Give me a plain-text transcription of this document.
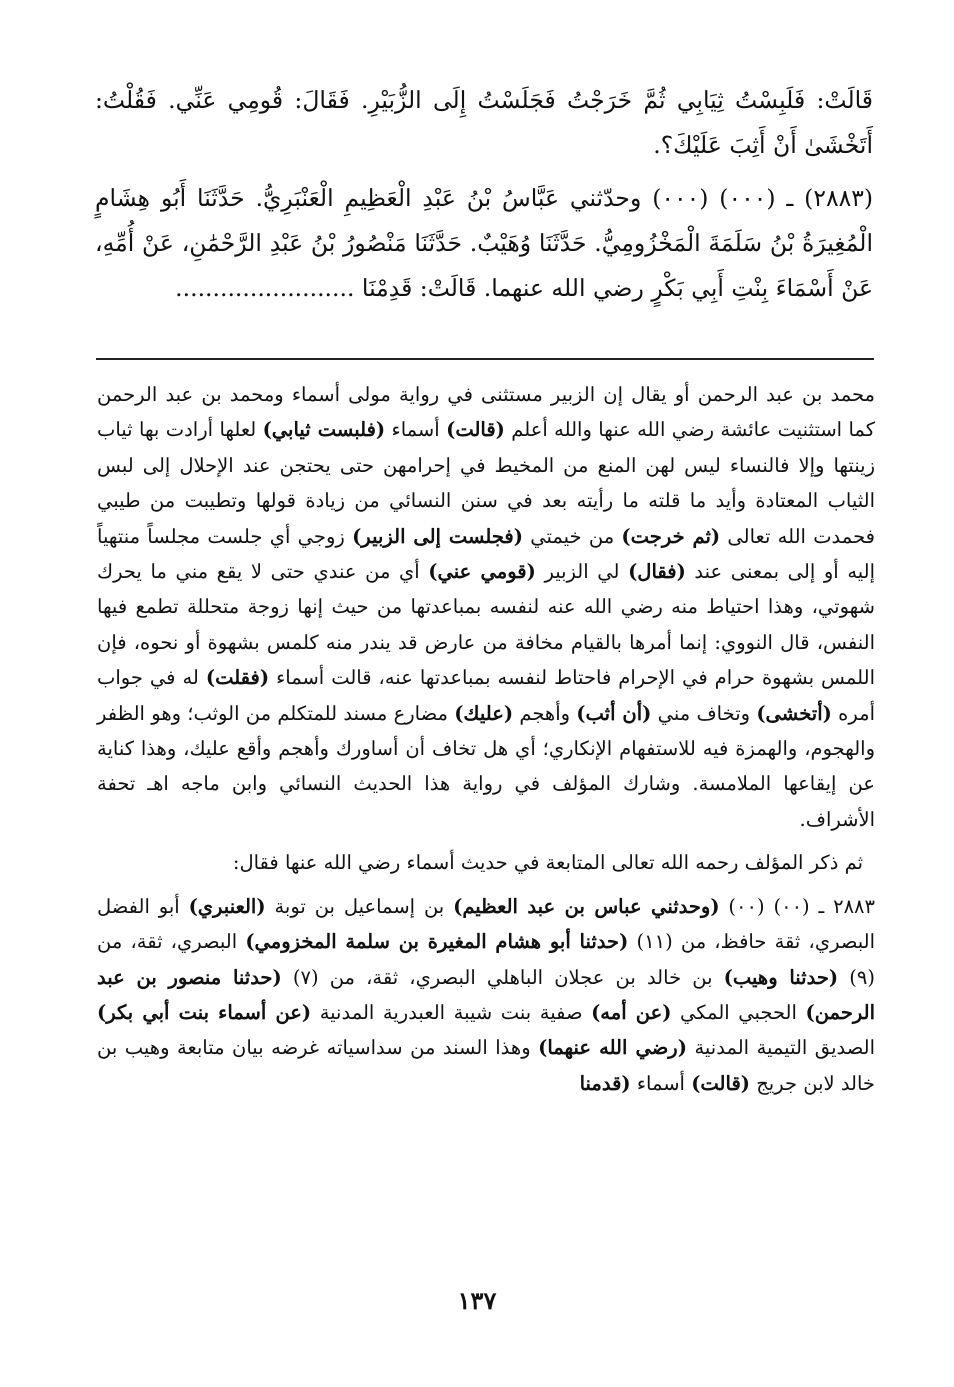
قَالَتْ: فَلَبِسْتُ ثِيَابِي ثُمَّ خَرَجْتُ فَجَلَسْتُ إِلَى الزُّبَيْرِ. فَقَالَ: قُومِي عَنِّي. فَقُلْتُ: أَتَخْشَىٰ أَنْ أَثِبَ عَلَيْكَ؟.

(٢٨٨٣) ـ (٠٠٠) (٠٠٠) وحدّثني عَبَّاسُ بْنُ عَبْدِ الْعَظِيمِ الْعَنْبَرِيُّ. حَدَّثَنَا أَبُو هِشَامٍ الْمُغِيرَةُ بْنُ سَلَمَةَ الْمَخْزُومِيُّ. حَدَّثَنَا وُهَيْبٌ. حَدَّثَنَا مَنْصُورُ بْنُ عَبْدِ الرَّحْمَٰنِ، عَنْ أُمِّهِ، عَنْ أَسْمَاءَ بِنْتِ أَبِي بَكْرٍ رضي الله عنهما. قَالَتْ: قَدِمْنَا ........................

محمد بن عبد الرحمن أو يقال إن الزبير مستثنى في رواية مولى أسماء ومحمد بن عبد الرحمن كما استثنيت عائشة رضي الله عنها والله أعلم (قالت) أسماء (فلبست ثيابي) لعلها أرادت بها ثياب زينتها وإلا فالنساء ليس لهن المنع من المخيط في إحرامهن حتى يحتجن عند الإحلال إلى لبس الثياب المعتادة وأيد ما قلته ما رأيته بعد في سنن النسائي من زيادة قولها وتطيبت من طيبي فحمدت الله تعالى (ثم خرجت) من خيمتي (فجلست إلى الزبير) زوجي أي جلست مجلساً منتهياً إليه أو إلى بمعنى عند (فقال) لي الزبير (قومي عني) أي من عندي حتى لا يقع مني ما يحرك شهوتي، وهذا احتياط منه رضي الله عنه لنفسه بمباعدتها من حيث إنها زوجة متحللة تطمع فيها النفس، قال النووي: إنما أمرها بالقيام مخافة من عارض قد يندر منه كلمس بشهوة أو نحوه، فإن اللمس بشهوة حرام في الإحرام فاحتاط لنفسه بمباعدتها عنه، قالت أسماء (فقلت) له في جواب أمره (أتخشى) وتخاف مني (أن أثب) وأهجم (عليك) مضارع مسند للمتكلم من الوثب؛ وهو الظفر والهجوم، والهمزة فيه للاستفهام الإنكاري؛ أي هل تخاف أن أساورك وأهجم وأقع عليك، وهذا كناية عن إيقاعها الملامسة. وشارك المؤلف في رواية هذا الحديث النسائي وابن ماجه اهـ تحفة الأشراف.

ثم ذكر المؤلف رحمه الله تعالى المتابعة في حديث أسماء رضي الله عنها فقال:

٢٨٨٣ ـ (٠٠) (٠٠) (وحدثني عباس بن عبد العظيم) بن إسماعيل بن توبة (العنبري) أبو الفضل البصري، ثقة حافظ، من (١١) (حدثنا أبو هشام المغيرة بن سلمة المخزومي) البصري، ثقة، من (٩) (حدثنا وهيب) بن خالد بن عجلان الباهلي البصري، ثقة، من (٧) (حدثنا منصور بن عبد الرحمن) الحجبي المكي (عن أمه) صفية بنت شيبة العبدرية المدنية (عن أسماء بنت أبي بكر) الصديق التيمية المدنية (رضي الله عنهما) وهذا السند من سداسياته غرضه بيان متابعة وهيب بن خالد لابن جريج (قالت) أسماء (قدمنا

١٣٧
